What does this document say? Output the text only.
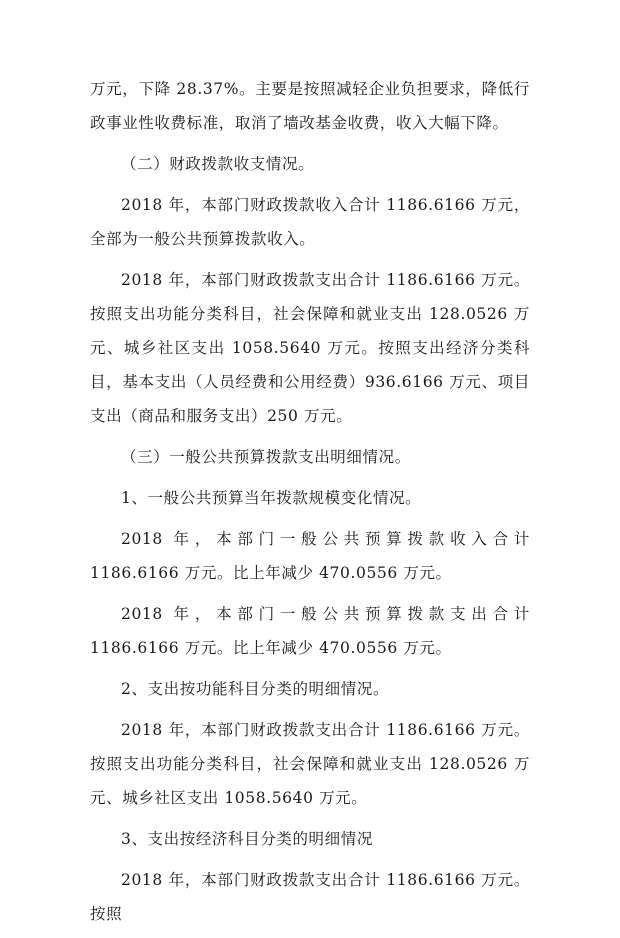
万元，下降 28.37%。主要是按照减轻企业负担要求，降低行政事业性收费标准，取消了墙改基金收费，收入大幅下降。

（二）财政拨款收支情况。

2018 年，本部门财政拨款收入合计 1186.6166 万元，全部为一般公共预算拨款收入。

2018 年，本部门财政拨款支出合计 1186.6166 万元。按照支出功能分类科目，社会保障和就业支出 128.0526 万元、城乡社区支出 1058.5640 万元。按照支出经济分类科目，基本支出（人员经费和公用经费）936.6166 万元、项目支出（商品和服务支出）250 万元。

（三）一般公共预算拨款支出明细情况。

1、一般公共预算当年拨款规模变化情况。

2018 年，本部门一般公共预算拨款收入合计 1186.6166 万元。比上年减少 470.0556 万元。

2018 年，本部门一般公共预算拨款支出合计 1186.6166 万元。比上年减少 470.0556 万元。

2、支出按功能科目分类的明细情况。

2018 年，本部门财政拨款支出合计 1186.6166 万元。按照支出功能分类科目，社会保障和就业支出 128.0526 万元、城乡社区支出 1058.5640 万元。

3、支出按经济科目分类的明细情况

2018 年，本部门财政拨款支出合计 1186.6166 万元。按照
